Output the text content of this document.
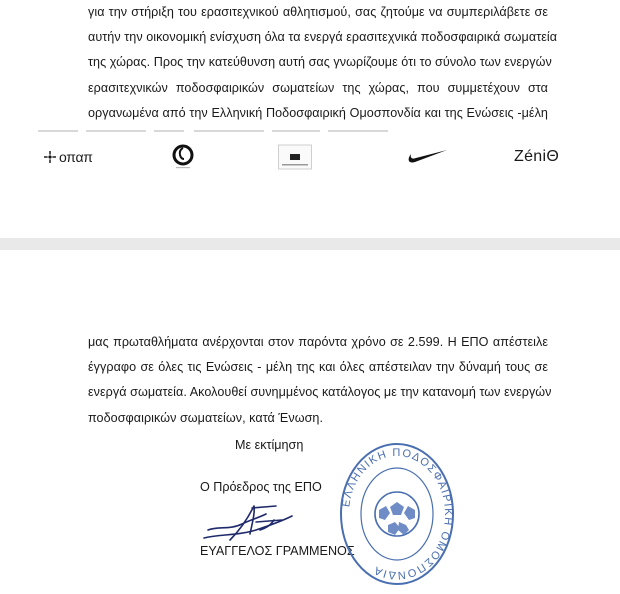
για την στήριξη του ερασιτεχνικού αθλητισμού, σας ζητούμε να συμπεριλάβετε σε
αυτήν την οικονομική ενίσχυση όλα τα ενεργά ερασιτεχνικά ποδοσφαιρικά σωματεία
της χώρας. Προς την κατεύθυνση αυτή σας γνωρίζουμε ότι το σύνολο των ενεργών
ερασιτεχνικών ποδοσφαιρικών σωματείων της χώρας, που συμμετέχουν στα
οργανωμένα από την Ελληνική Ποδοσφαιρική Ομοσπονδία και της Ενώσεις -μέλη
οπαπ	ZéniΘ
μας πρωταθλήματα ανέρχονται στον παρόντα χρόνο σε 2.599. Η ΕΠΟ απέστειλε
έγγραφο σε όλες τις Ενώσεις - μέλη της και όλες απέστειλαν την δύναμή τους σε
ενεργά σωματεία. Ακολουθεί συνημμένος κατάλογος με την κατανομή των ενεργών
ποδοσφαιρικών σωματείων, κατά Ένωση.
Με εκτίμηση
Ο Πρόεδρος της ΕΠΟ
ΕΥΑΓΓΕΛΟΣ ΓΡΑΜΜΕΝΟΣ
ΕΛΛΗΝΙΚΗ ΠΟΔΟΣΦΑΙΡΙΚΗ ΟΜΟΣΠΟΝΔΙΑ
